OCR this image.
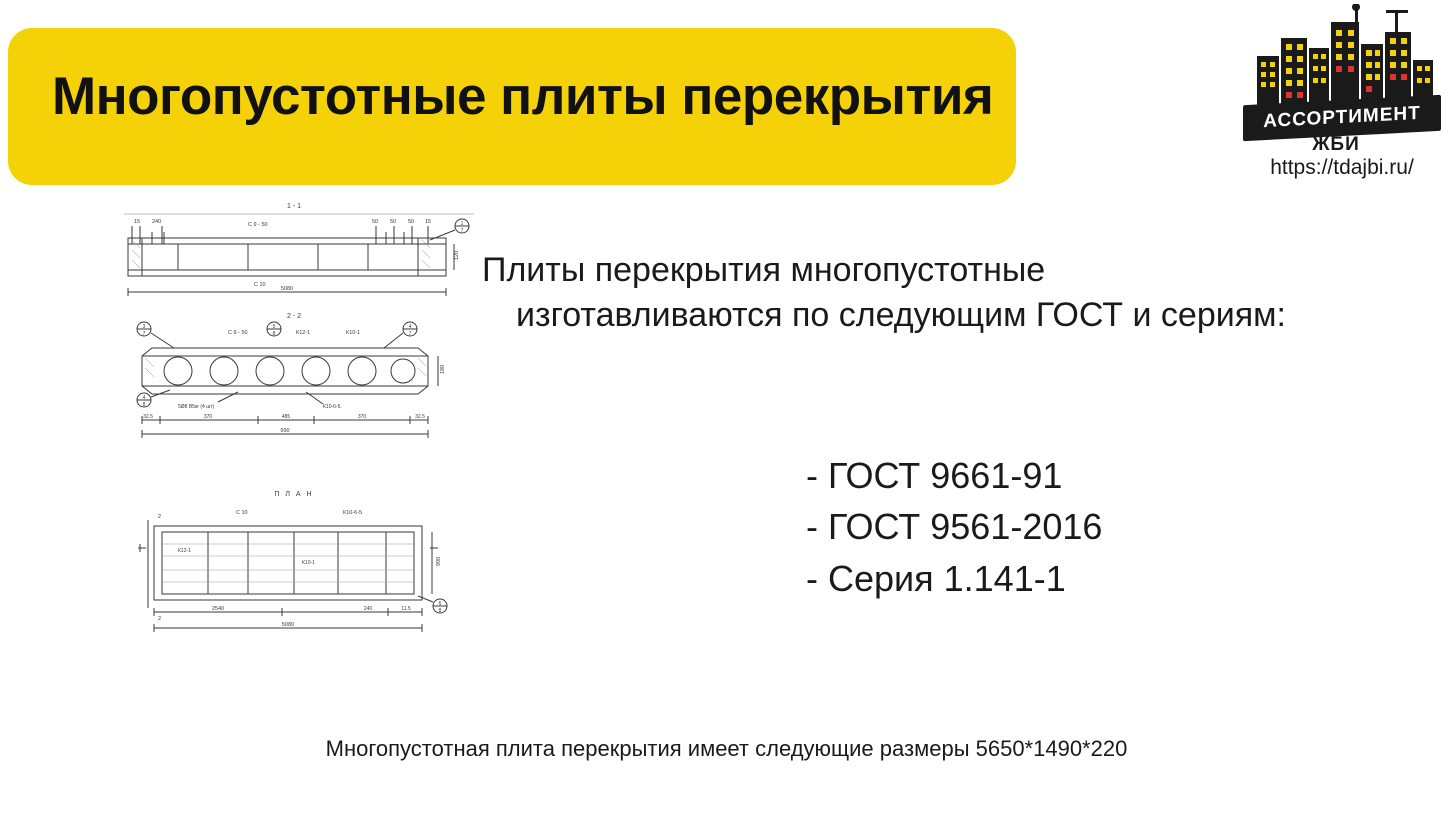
Многопустотные плиты перекрытия	АССОРТИМЕНТ
ЖБИ
https://tdajbi.ru/
1 - 1
15 240	50 50 50 15
С 9 - 50
120
С 10
5080
1
7
2 - 2
С 9 - 50	К12-1	К10-1
3
7
5
8
4
7
5Ø8 В5кг (4 шт)	К10-6-5.
4
8
180
32.5	370	485	370	32.5
990
П Л А Н
С 10	К10-6-5
К12-1
К10-1	990
2
2
2540	240	11.5
5080
6
8
Плиты перекрытия многопустотные
изготавливаются по следующим ГОСТ и сериям:
- ГОСТ 9661-91
- ГОСТ 9561-2016
- Серия 1.141-1
Многопустотная плита перекрытия имеет следующие размеры 5650*1490*220
